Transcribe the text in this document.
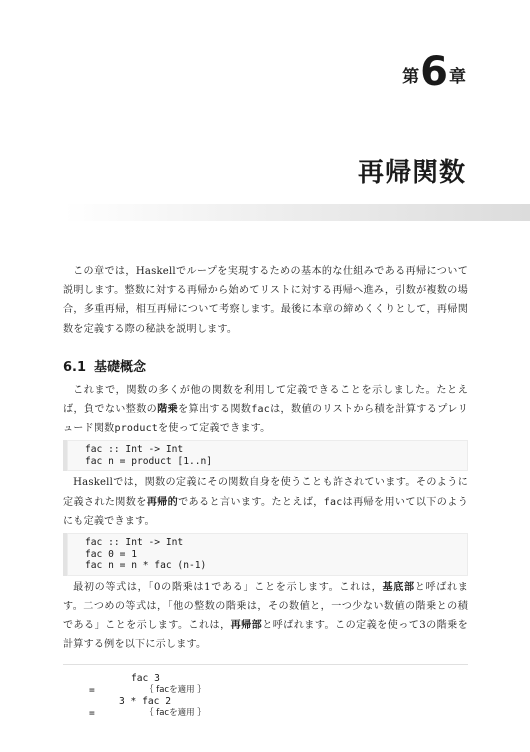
第 6 章
再帰関数

この章では，Haskellでループを実現するための基本的な仕組みである再帰について説明します。整数に対する再帰から始めてリストに対する再帰へ進み，引数が複数の場合，多重再帰，相互再帰について考察します。最後に本章の締めくくりとして，再帰関数を定義する際の秘訣を説明します。

6.1 基礎概念

これまで，関数の多くが他の関数を利用して定義できることを示しました。たとえば，負でない整数の階乗を算出する関数facは，数値のリストから積を計算するプレリュード関数productを使って定義できます。

fac :: Int -> Int
fac n = product [1..n]

Haskellでは，関数の定義にその関数自身を使うことも許されています。そのように定義された関数を再帰的であると言います。たとえば，facは再帰を用いて以下のようにも定義できます。

fac :: Int -> Int
fac 0 = 1
fac n = n * fac (n-1)

最初の等式は，「0の階乗は1である」ことを示します。これは，基底部と呼ばれます。二つめの等式は，「他の整数の階乗は，その数値と，一つ少ない数値の階乗との積である」ことを示します。これは，再帰部と呼ばれます。この定義を使って3の階乗を計算する例を以下に示します。

fac 3
=	｛ facを適用 ｝
3 * fac 2
=	｛ facを適用 ｝
